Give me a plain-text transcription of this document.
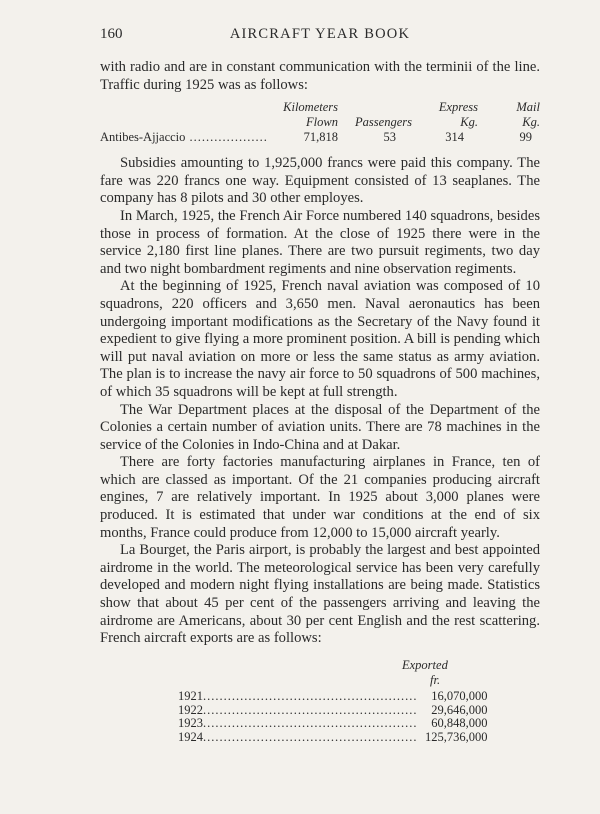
160	AIRCRAFT YEAR BOOK

with radio and are in constant communication with the terminii of the line. Traffic during 1925 was as follows:

	Kilometers		Express	Mail
	Flown	Passengers	Kg.	Kg.
Antibes-Ajjaccio ...................	71,818	53	314	99

Subsidies amounting to 1,925,000 francs were paid this company. The fare was 220 francs one way. Equipment consisted of 13 seaplanes. The company has 8 pilots and 30 other employes.

In March, 1925, the French Air Force numbered 140 squadrons, besides those in process of formation. At the close of 1925 there were in the service 2,180 first line planes. There are two pursuit regiments, two day and two night bombardment regiments and nine observation regiments.

At the beginning of 1925, French naval aviation was composed of 10 squadrons, 220 officers and 3,650 men. Naval aeronautics has been undergoing important modifications as the Secretary of the Navy found it expedient to give flying a more prominent position. A bill is pending which will put naval aviation on more or less the same status as army aviation. The plan is to increase the navy air force to 50 squadrons of 500 machines, of which 35 squadrons will be kept at full strength.

The War Department places at the disposal of the Department of the Colonies a certain number of aviation units. There are 78 machines in the service of the Colonies in Indo-China and at Dakar.

There are forty factories manufacturing airplanes in France, ten of which are classed as important. Of the 21 companies producing aircraft engines, 7 are relatively important. In 1925 about 3,000 planes were produced. It is estimated that under war conditions at the end of six months, France could produce from 12,000 to 15,000 aircraft yearly.

La Bourget, the Paris airport, is probably the largest and best appointed airdrome in the world. The meteorological service has been very carefully developed and modern night flying installations are being made. Statistics show that about 45 per cent of the passengers arriving and leaving the airdrome are Americans, about 30 per cent English and the rest scattering. French aircraft exports are as follows:

Exported
fr.
1921 ....................................................	16,070,000
1922 ....................................................	29,646,000
1923 ....................................................	60,848,000
1924 .................................................... 125,736,000
